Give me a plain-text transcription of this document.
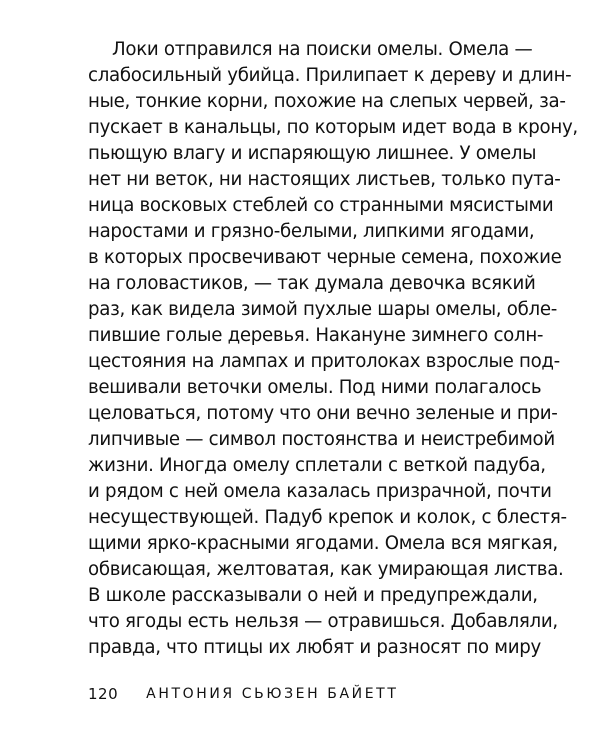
Локи отправился на поиски омелы. Омела —
слабосильный убийца. Прилипает к дереву и длин-
ные, тонкие корни, похожие на слепых червей, за-
пускает в канальцы, по которым идет вода в крону,
пьющую влагу и испаряющую лишнее. У омелы
нет ни веток, ни настоящих листьев, только пута-
ница восковых стеблей со странными мясистыми
наростами и грязно-белыми, липкими ягодами,
в которых просвечивают черные семена, похожие
на головастиков, — так думала девочка всякий
раз, как видела зимой пухлые шары омелы, обле-
пившие голые деревья. Накануне зимнего солн-
цестояния на лампах и притолоках взрослые под-
вешивали веточки омелы. Под ними полагалось
целоваться, потому что они вечно зеленые и при-
липчивые — символ постоянства и неистребимой
жизни. Иногда омелу сплетали с веткой падуба,
и рядом с ней омела казалась призрачной, почти
несуществующей. Падуб крепок и колок, с блестя-
щими ярко-красными ягодами. Омела вся мягкая,
обвисающая, желтоватая, как умирающая листва.
В школе рассказывали о ней и предупреждали,
что ягоды есть нельзя — отравишься. Добавляли,
правда, что птицы их любят и разносят по миру
120 АНТОНИЯ СЬЮЗЕН БАЙЕТТ
